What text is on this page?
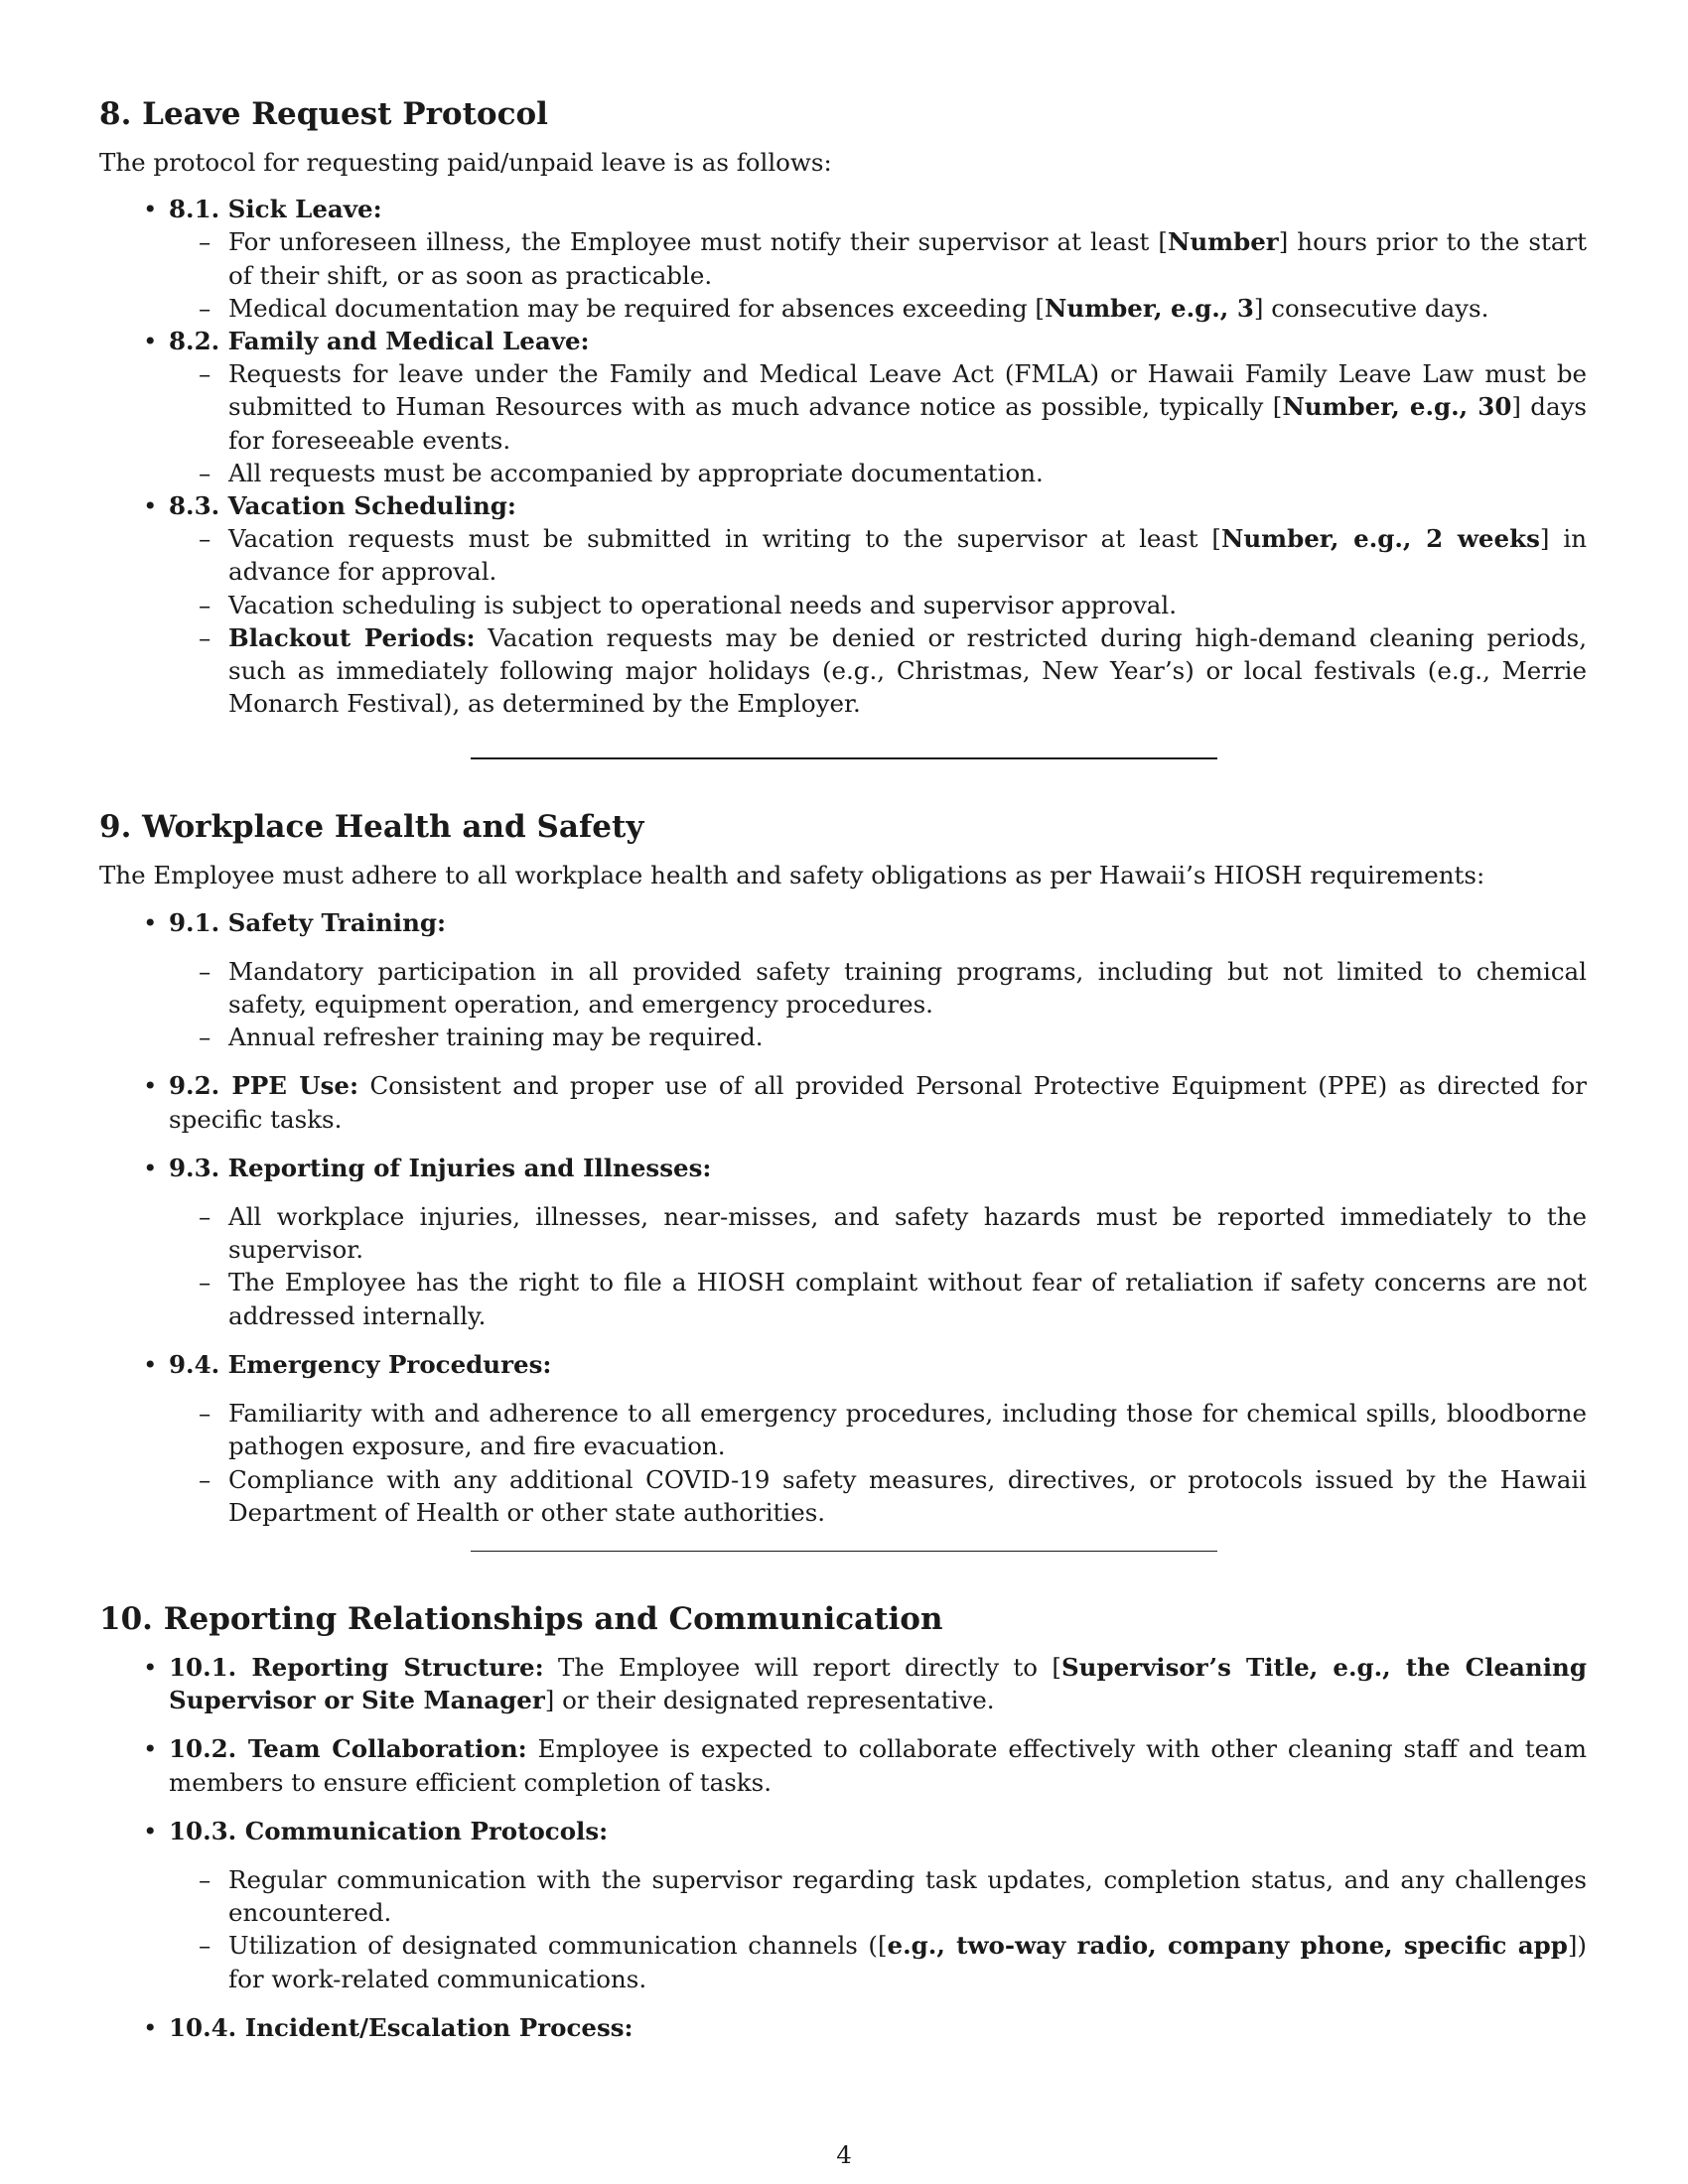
8. Leave Request Protocol

The protocol for requesting paid/unpaid leave is as follows:

• 8.1. Sick Leave:
– For unforeseen illness, the Employee must notify their supervisor at least [Number] hours prior to the start of their shift, or as soon as practicable.
– Medical documentation may be required for absences exceeding [Number, e.g., 3] consecutive days.
• 8.2. Family and Medical Leave:
– Requests for leave under the Family and Medical Leave Act (FMLA) or Hawaii Family Leave Law must be submitted to Human Resources with as much advance notice as possible, typically [Number, e.g., 30] days for foreseeable events.
– All requests must be accompanied by appropriate documentation.
• 8.3. Vacation Scheduling:
– Vacation requests must be submitted in writing to the supervisor at least [Number, e.g., 2 weeks] in advance for approval.
– Vacation scheduling is subject to operational needs and supervisor approval.
– Blackout Periods: Vacation requests may be denied or restricted during high-demand cleaning periods, such as immediately following major holidays (e.g., Christmas, New Year’s) or local festivals (e.g., Merrie Monarch Festival), as determined by the Employer.
9. Workplace Health and Safety

The Employee must adhere to all workplace health and safety obligations as per Hawaii’s HIOSH requirements:

• 9.1. Safety Training:
– Mandatory participation in all provided safety training programs, including but not limited to chemical safety, equipment operation, and emergency procedures.
– Annual refresher training may be required.
• 9.2. PPE Use: Consistent and proper use of all provided Personal Protective Equipment (PPE) as directed for specific tasks.
• 9.3. Reporting of Injuries and Illnesses:
– All workplace injuries, illnesses, near-misses, and safety hazards must be reported immediately to the supervisor.
– The Employee has the right to file a HIOSH complaint without fear of retaliation if safety concerns are not addressed internally.
• 9.4. Emergency Procedures:
– Familiarity with and adherence to all emergency procedures, including those for chemical spills, bloodborne pathogen exposure, and fire evacuation.
– Compliance with any additional COVID-19 safety measures, directives, or protocols issued by the Hawaii Department of Health or other state authorities.
10. Reporting Relationships and Communication
• 10.1. Reporting Structure: The Employee will report directly to [Supervisor’s Title, e.g., the Cleaning Supervisor or Site Manager] or their designated representative.
• 10.2. Team Collaboration: Employee is expected to collaborate effectively with other cleaning staff and team members to ensure efficient completion of tasks.
• 10.3. Communication Protocols:
– Regular communication with the supervisor regarding task updates, completion status, and any challenges encountered.
– Utilization of designated communication channels ([e.g., two-way radio, company phone, specific app]) for work-related communications.
• 10.4. Incident/Escalation Process:
4
